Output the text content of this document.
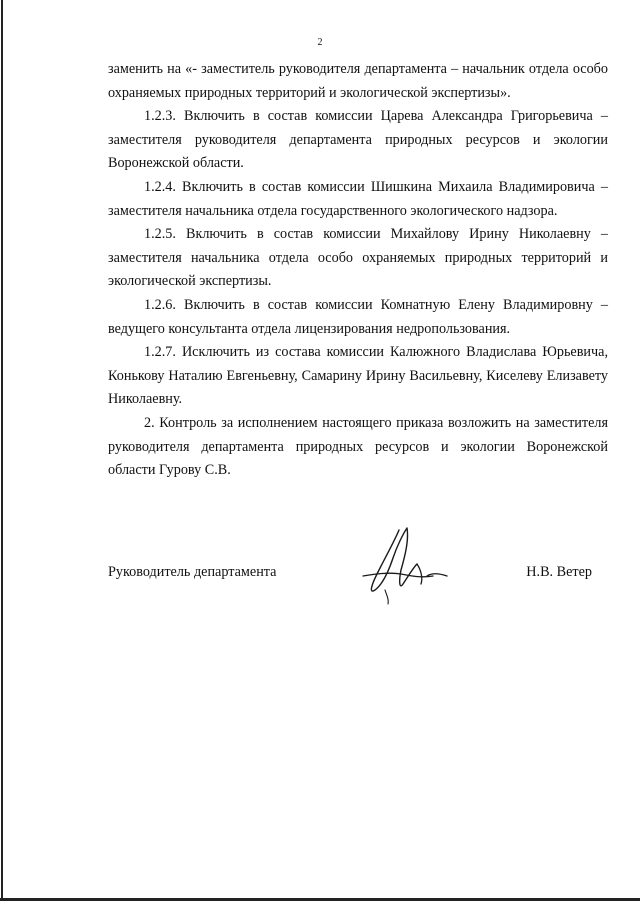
2

заменить на «- заместитель руководителя департамента – начальник отдела особо охраняемых природных территорий и экологической экспертизы».

1.2.3. Включить в состав комиссии Царева Александра Григорьевича – заместителя руководителя департамента природных ресурсов и экологии Воронежской области.

1.2.4. Включить в состав комиссии Шишкина Михаила Владимировича – заместителя начальника отдела государственного экологического надзора.

1.2.5. Включить в состав комиссии Михайлову Ирину Николаевну – заместителя начальника отдела особо охраняемых природных территорий и экологической экспертизы.

1.2.6. Включить в состав комиссии Комнатную Елену Владимировну – ведущего консультанта отдела лицензирования недропользования.

1.2.7. Исключить из состава комиссии Калюжного Владислава Юрьевича, Конькову Наталию Евгеньевну, Самарину Ирину Васильевну, Киселеву Елизавету Николаевну.

2. Контроль за исполнением настоящего приказа возложить на заместителя руководителя департамента природных ресурсов и экологии Воронежской области Гурову С.В.

Руководитель департамента	Н.В. Ветер
